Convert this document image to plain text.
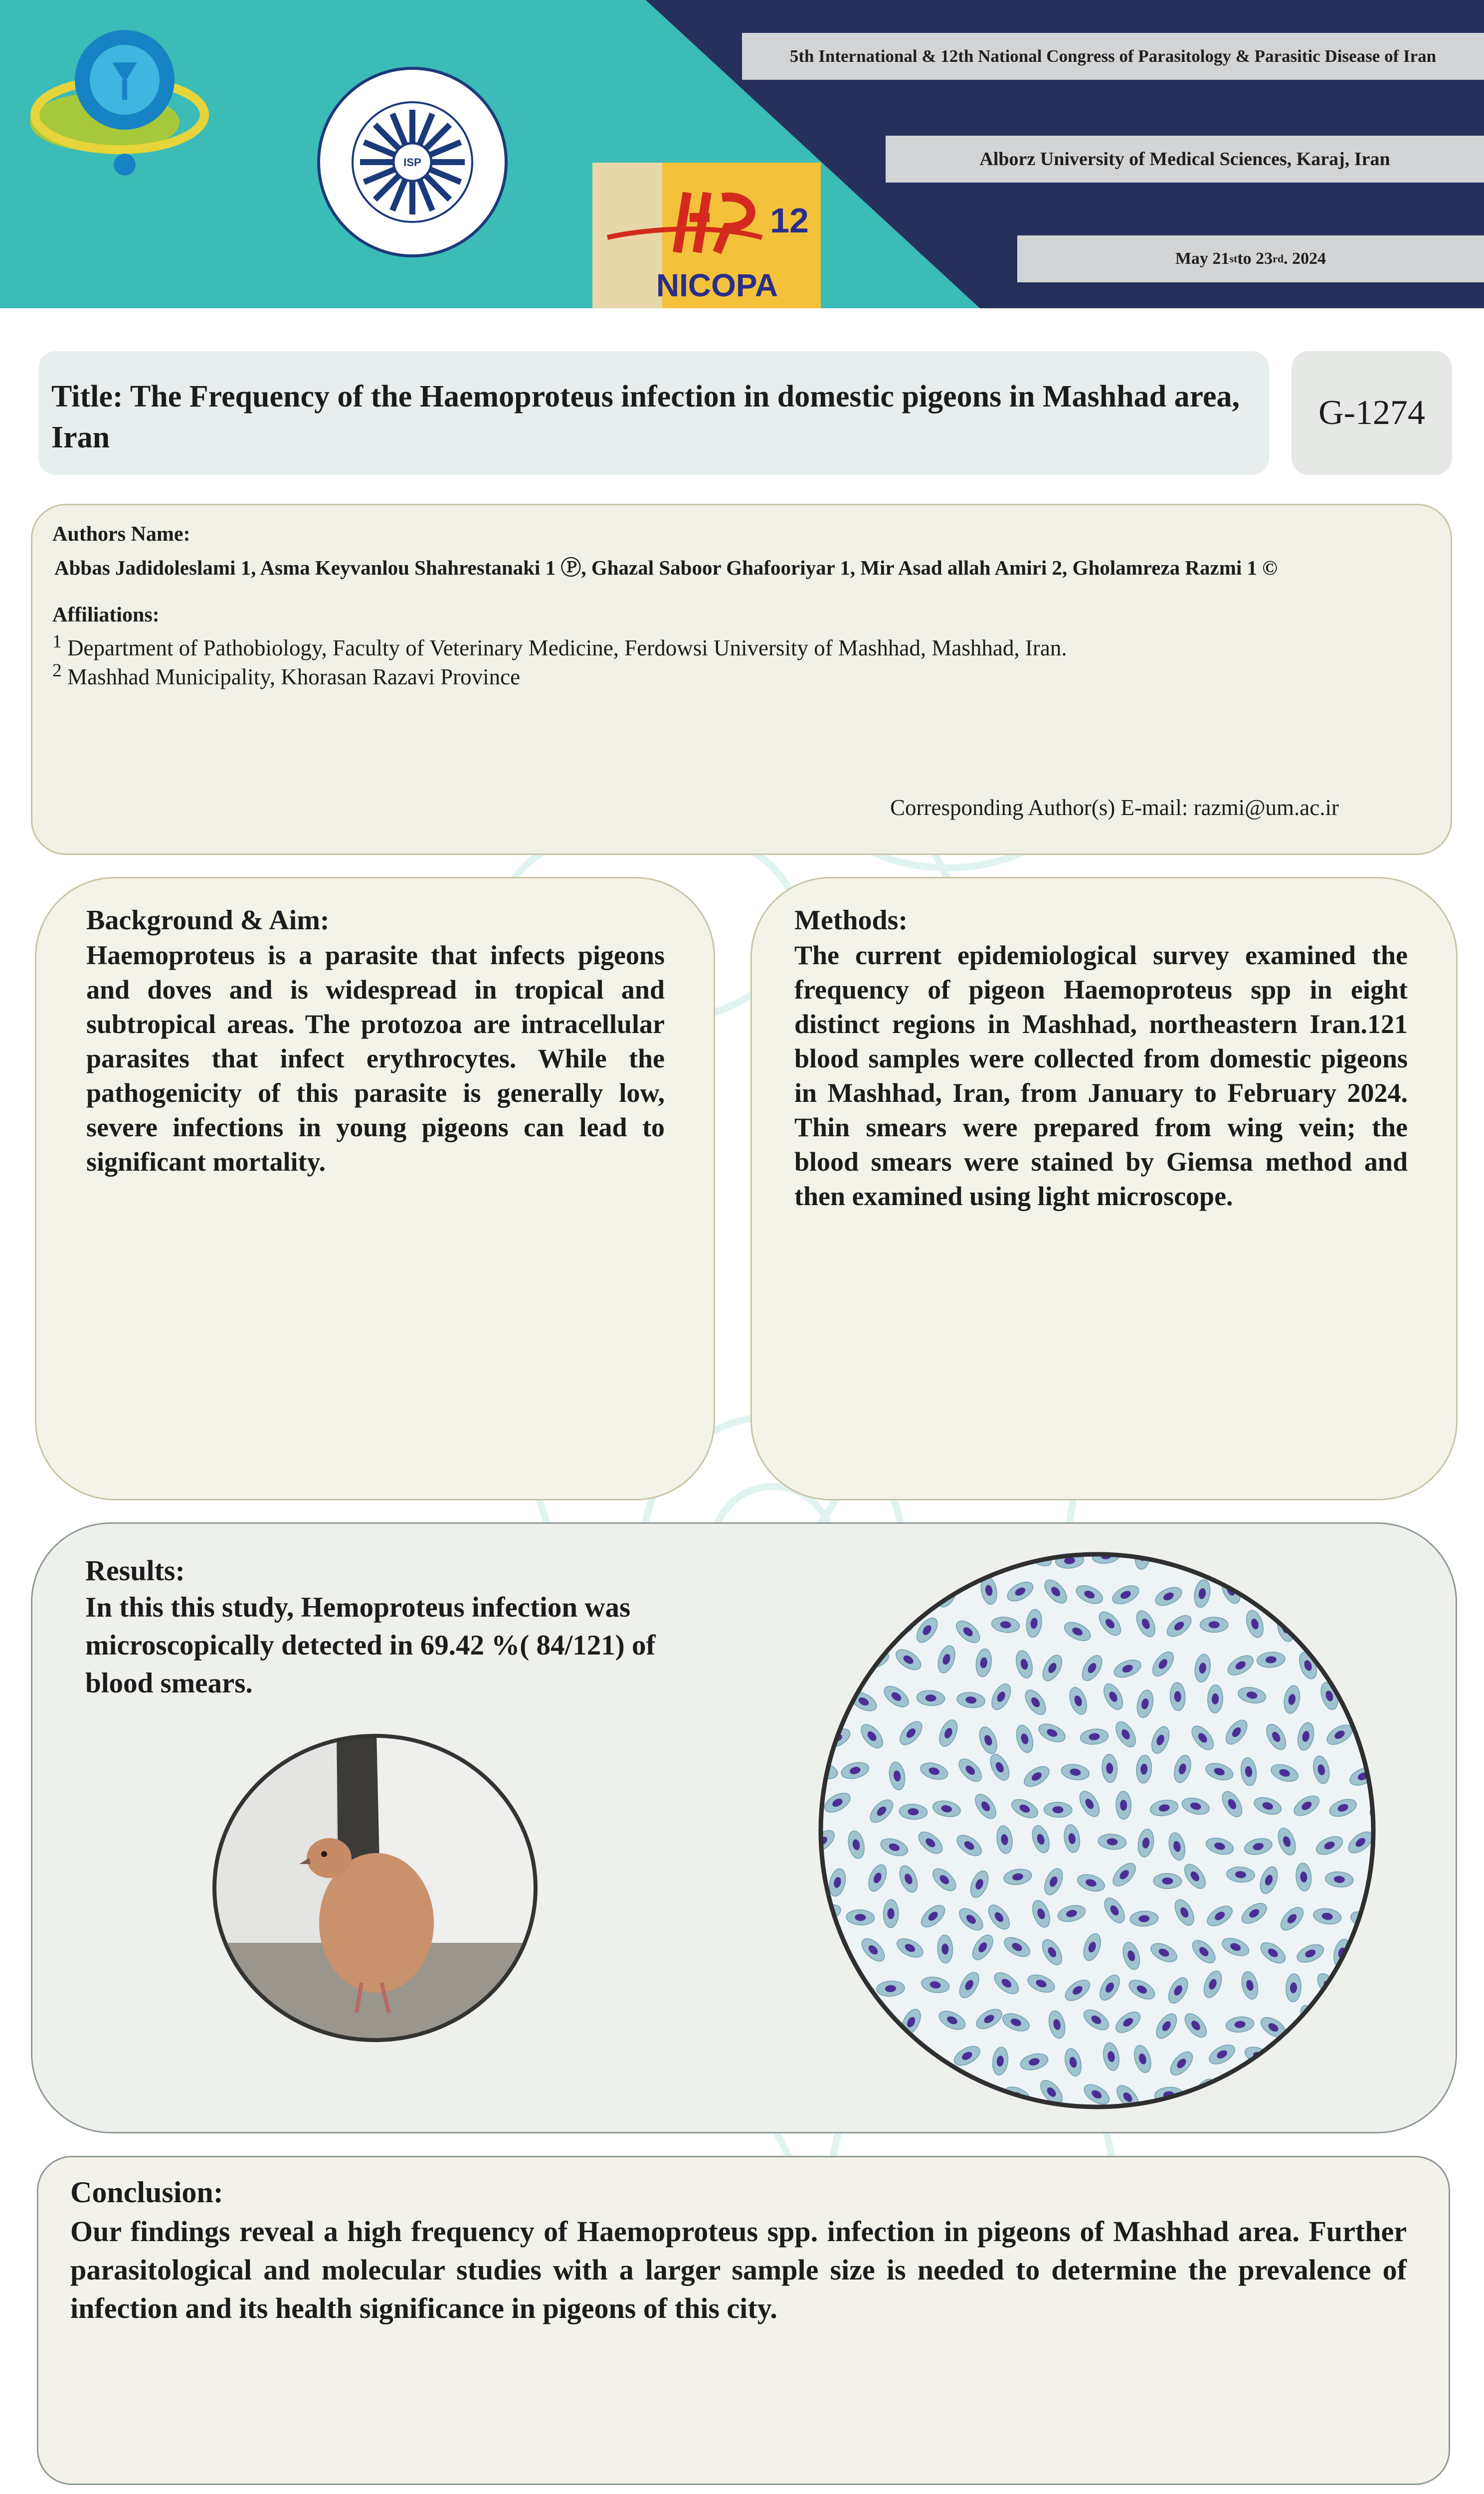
ISP
12
NICOPA
5th International & 12th National Congress of Parasitology & Parasitic Disease of Iran
Alborz University of Medical Sciences, Karaj, Iran
May 21 st to 23 rd . 2024
Title: The Frequency of the Haemoproteus infection in domestic pigeons in Mashhad area, Iran
G-1274
Authors Name:
Abbas Jadidoleslami 1, Asma Keyvanlou Shahrestanaki 1 Ⓟ, Ghazal Saboor Ghafooriyar 1, Mir Asad allah Amiri 2, Gholamreza Razmi 1 ©
Affiliations:
$^1$ Department of Pathobiology, Faculty of Veterinary Medicine, Ferdowsi University of Mashhad, Mashhad, Iran.
$^2$ Mashhad Municipality, Khorasan Razavi Province
Corresponding Author(s) E-mail: razmi@um.ac.ir
Background & Aim:

Haemoproteus is a parasite that infects pigeons and doves and is widespread in tropical and subtropical areas. The protozoa are intracellular parasites that infect erythrocytes. While the pathogenicity of this parasite is generally low, severe infections in young pigeons can lead to significant mortality.

Methods:

The current epidemiological survey examined the frequency of pigeon Haemoproteus spp in eight distinct regions in Mashhad, northeastern Iran.121 blood samples were collected from domestic pigeons in Mashhad, Iran, from January to February 2024. Thin smears were prepared from wing vein; the blood smears were stained by Giemsa method and then examined using light microscope.

Results:

In this this study, Hemoproteus infection was microscopically detected in 69.42 %( 84/121) of blood smears.

Conclusion:

Our findings reveal a high frequency of Haemoproteus spp. infection in pigeons of Mashhad area. Further parasitological and molecular studies with a larger sample size is needed to determine the prevalence of infection and its health significance in pigeons of this city.
